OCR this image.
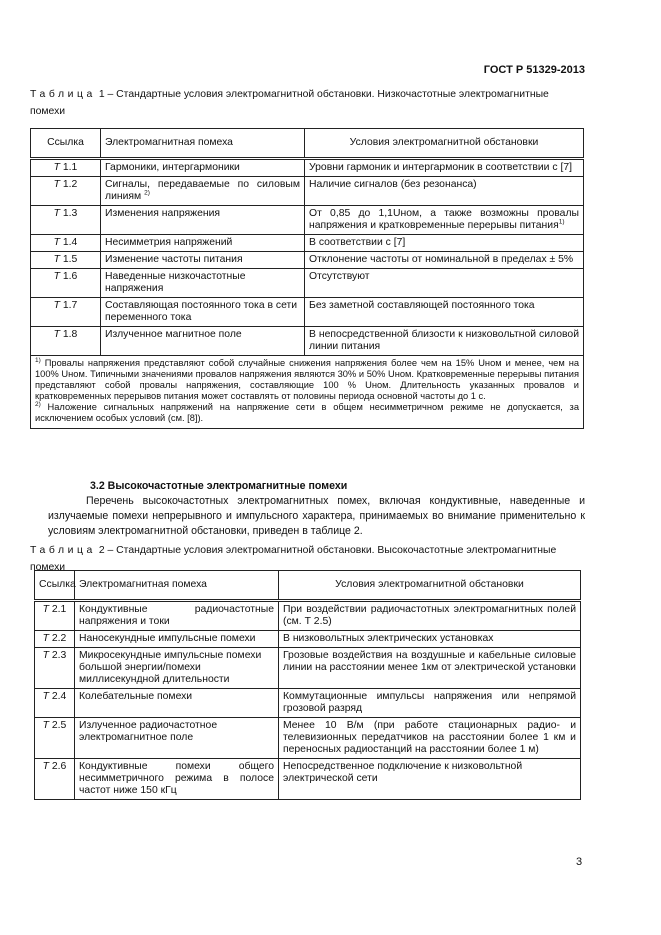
ГОСТ Р 51329-2013
Таблица 1 – Стандартные условия электромагнитной обстановки. Низкочастотные электромагнитные помехи
Ссылка	Электромагнитная помеха	Условия электромагнитной обстановки
Т 1.1	Гармоники, интергармоники	Уровни гармоник и интергармоник в соответствии с [7]
Т 1.2	Сигналы, передаваемые по силовым линиям $^{2)}$	Наличие сигналов (без резонанса)
Т 1.3	Изменения напряжения	От 0,85 до 1,1Uном, а также возможны провалы напряжения и кратковременные перерывы питания$^{1)}$
Т 1.4	Несимметрия напряжений	В соответствии с [7]
Т 1.5	Изменение частоты питания	Отклонение частоты от номинальной в пределах ± 5%
Т 1.6	Наведенные низкочастотные напряжения	Отсутствуют
Т 1.7	Составляющая постоянного тока в сети переменного тока	Без заметной составляющей постоянного тока
Т 1.8	Излученное магнитное поле	В непосредственной близости к низковольтной силовой линии питания

$^{1)}$ Провалы напряжения представляют собой случайные снижения напряжения более чем на 15% Uном и менее, чем на 100% Uном. Типичными значениями провалов напряжения являются 30% и 50% Uном. Кратковременные перерывы питания представляют собой провалы напряжения, составляющие 100 % Uном. Длительность указанных провалов и кратковременных перерывов питания может составлять от половины периода основной частоты до 1 с.
$^{2)}$ Наложение сигнальных напряжений на напряжение сети в общем несимметричном режиме не допускается, за исключением особых условий (см. [8]).		
3.2 Высокочастотные электромагнитные помехи
Перечень высокочастотных электромагнитных помех, включая кондуктивные, наведенные и излучаемые помехи непрерывного и импульсного характера, принимаемых во внимание применительно к условиям электромагнитной обстановки, приведен в таблице 2.
Таблица 2 – Стандартные условия электромагнитной обстановки. Высокочастотные электромагнитные помехи
Ссылка	Электромагнитная помеха	Условия электромагнитной обстановки
Т 2.1	Кондуктивные радиочастотные напряжения и токи	При воздействии радиочастотных электромагнитных полей (см. Т 2.5)
Т 2.2	Наносекундные импульсные помехи	В низковольтных электрических установках
Т 2.3	Микросекундные импульсные помехи большой энергии/помехи миллисекундной длительности	Грозовые воздействия на воздушные и кабельные силовые линии на расстоянии менее 1км от электрической установки
Т 2.4	Колебательные помехи	Коммутационные импульсы напряжения или непрямой грозовой разряд
Т 2.5	Излученное радиочастотное электромагнитное поле	Менее 10 В/м (при работе стационарных радио- и телевизионных передатчиков на расстоянии более 1 км и переносных радиостанций на расстоянии более 1 м)
Т 2.6	Кондуктивные помехи общего несимметричного режима в полосе частот ниже 150 кГц	Непосредственное подключение к низковольтной электрической сети
3
